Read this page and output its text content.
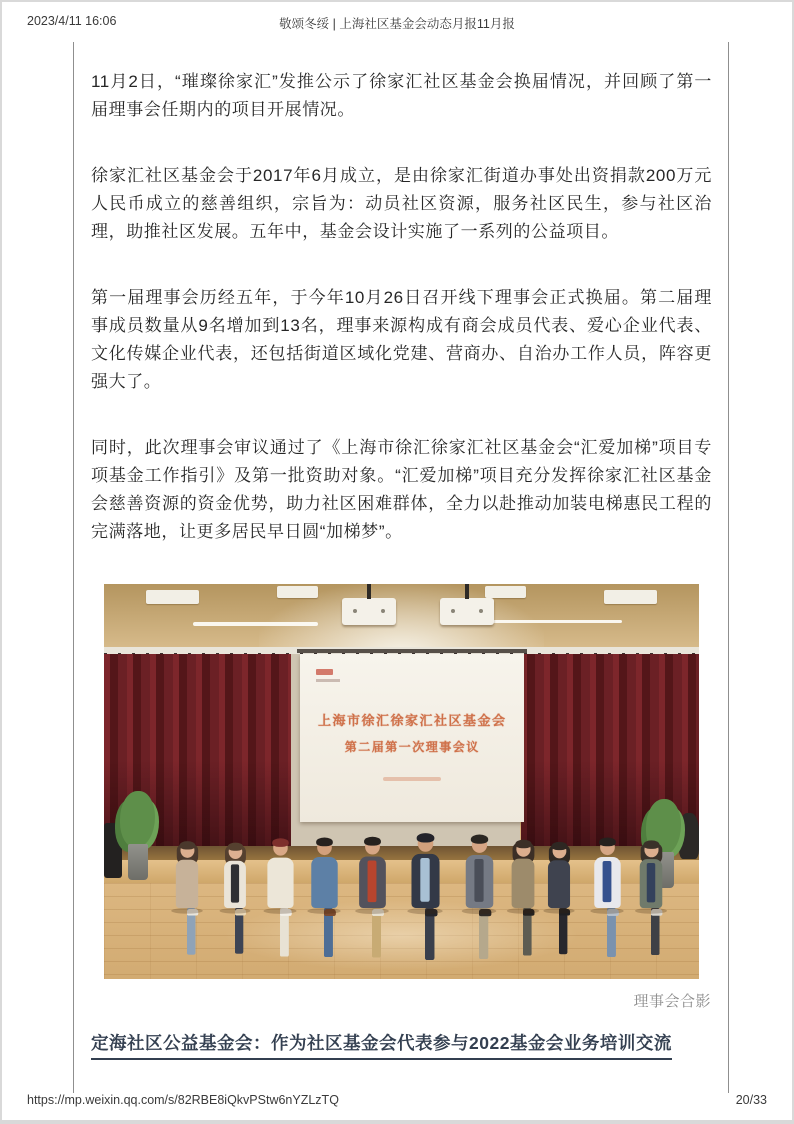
2023/4/11 16:06	敬颂冬绥 | 上海社区基金会动态月报11月报

11月2日，“璀璨徐家汇”发推公示了徐家汇社区基金会换届情况，并回顾了第一届理事会任期内的项目开展情况。

徐家汇社区基金会于2017年6月成立，是由徐家汇街道办事处出资捐款200万元人民币成立的慈善组织，宗旨为：动员社区资源，服务社区民生，参与社区治理，助推社区发展。五年中，基金会设计实施了一系列的公益项目。

第一届理事会历经五年，于今年10月26日召开线下理事会正式换届。第二届理事成员数量从9名增加到13名，理事来源构成有商会成员代表、爱心企业代表、文化传媒企业代表，还包括街道区域化党建、营商办、自治办工作人员，阵容更强大了。

同时，此次理事会审议通过了《上海市徐汇徐家汇社区基金会“汇爱加梯”项目专项基金工作指引》及第一批资助对象。“汇爱加梯”项目充分发挥徐家汇社区基金会慈善资源的资金优势，助力社区困难群体，全力以赴推动加装电梯惠民工程的完满落地，让更多居民早日圆“加梯梦”。

上海市徐汇徐家汇社区基金会
第二届第一次理事会议
理事会合影
定海社区公益基金会：作为社区基金会代表参与2022基金会业务培训交流
https://mp.weixin.qq.com/s/82RBE8iQkvPStw6nYZLzTQ	20/33
